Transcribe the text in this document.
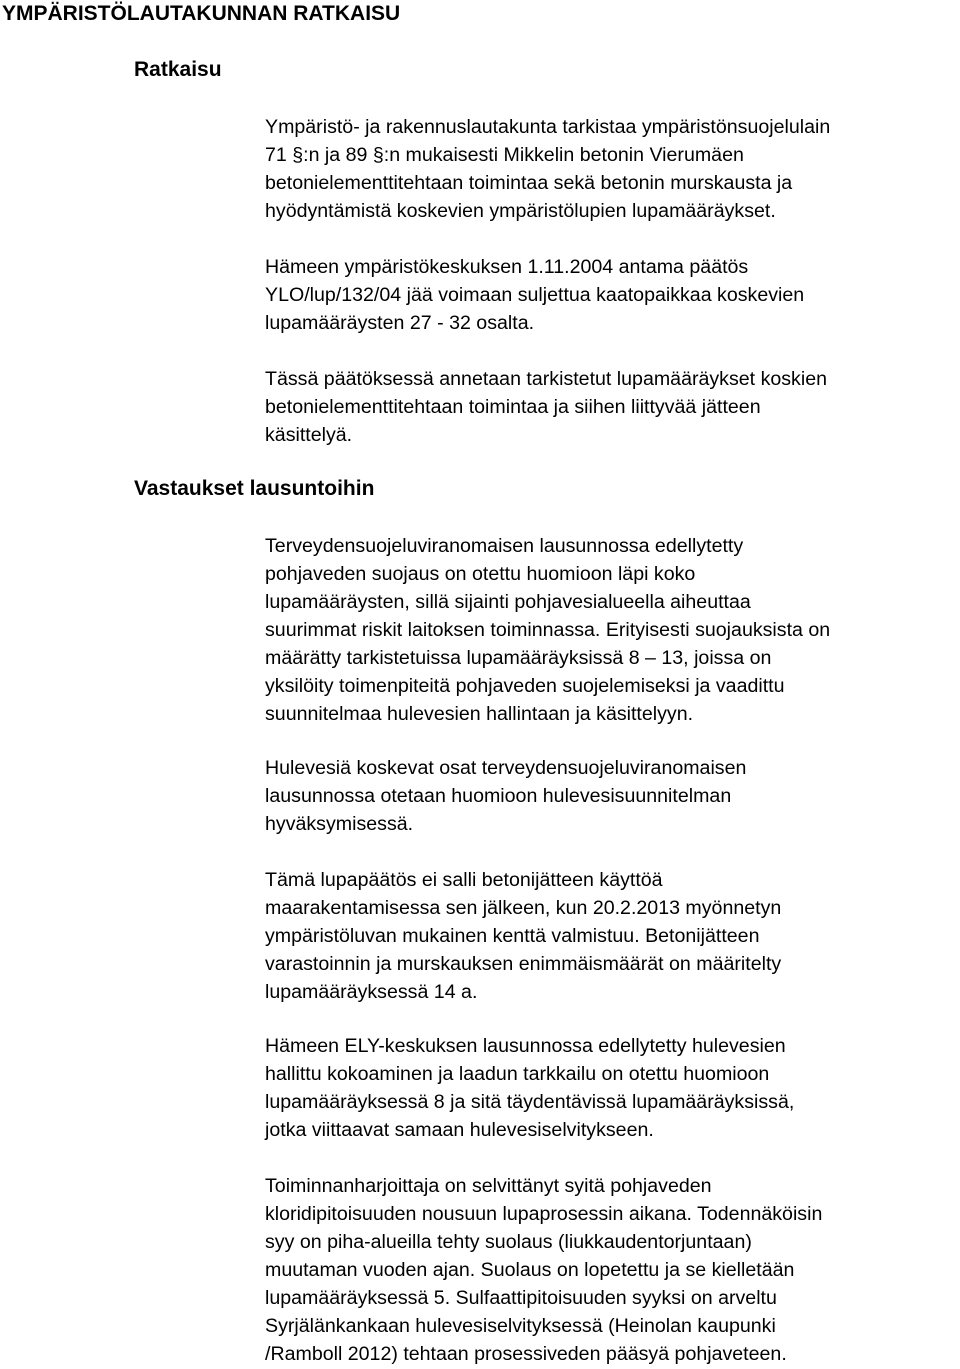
YMPÄRISTÖLAUTAKUNNAN RATKAISU
Ratkaisu

Ympäristö- ja rakennuslautakunta tarkistaa ympäristönsuojelulain
71 §:n ja 89 §:n mukaisesti Mikkelin betonin Vierumäen
betonielementtitehtaan toimintaa sekä betonin murskausta ja
hyödyntämistä koskevien ympäristölupien lupamääräykset.

Hämeen ympäristökeskuksen 1.11.2004 antama päätös
YLO/lup/132/04 jää voimaan suljettua kaatopaikkaa koskevien
lupamääräysten 27 - 32 osalta.

Tässä päätöksessä annetaan tarkistetut lupamääräykset koskien
betonielementtitehtaan toimintaa ja siihen liittyvää jätteen
käsittelyä.

Vastaukset lausuntoihin

Terveydensuojeluviranomaisen lausunnossa edellytetty
pohjaveden suojaus on otettu huomioon läpi koko
lupamääräysten, sillä sijainti pohjavesialueella aiheuttaa
suurimmat riskit laitoksen toiminnassa. Erityisesti suojauksista on
määrätty tarkistetuissa lupamääräyksissä 8 – 13, joissa on
yksilöity toimenpiteitä pohjaveden suojelemiseksi ja vaadittu
suunnitelmaa hulevesien hallintaan ja käsittelyyn.

Hulevesiä koskevat osat terveydensuojeluviranomaisen
lausunnossa otetaan huomioon hulevesisuunnitelman
hyväksymisessä.

Tämä lupapäätös ei salli betonijätteen käyttöä
maarakentamisessa sen jälkeen, kun 20.2.2013 myönnetyn
ympäristöluvan mukainen kenttä valmistuu. Betonijätteen
varastoinnin ja murskauksen enimmäismäärät on määritelty
lupamääräyksessä 14 a.

Hämeen ELY-keskuksen lausunnossa edellytetty hulevesien
hallittu kokoaminen ja laadun tarkkailu on otettu huomioon
lupamääräyksessä 8 ja sitä täydentävissä lupamääräyksissä,
jotka viittaavat samaan hulevesiselvitykseen.

Toiminnanharjoittaja on selvittänyt syitä pohjaveden
kloridipitoisuuden nousuun lupaprosessin aikana. Todennäköisin
syy on piha-alueilla tehty suolaus (liukkaudentorjuntaan)
muutaman vuoden ajan. Suolaus on lopetettu ja se kielletään
lupamääräyksessä 5. Sulfaattipitoisuuden syyksi on arveltu
Syrjälänkankaan hulevesiselvityksessä (Heinolan kaupunki
/Ramboll 2012) tehtaan prosessiveden pääsyä pohjaveteen.
